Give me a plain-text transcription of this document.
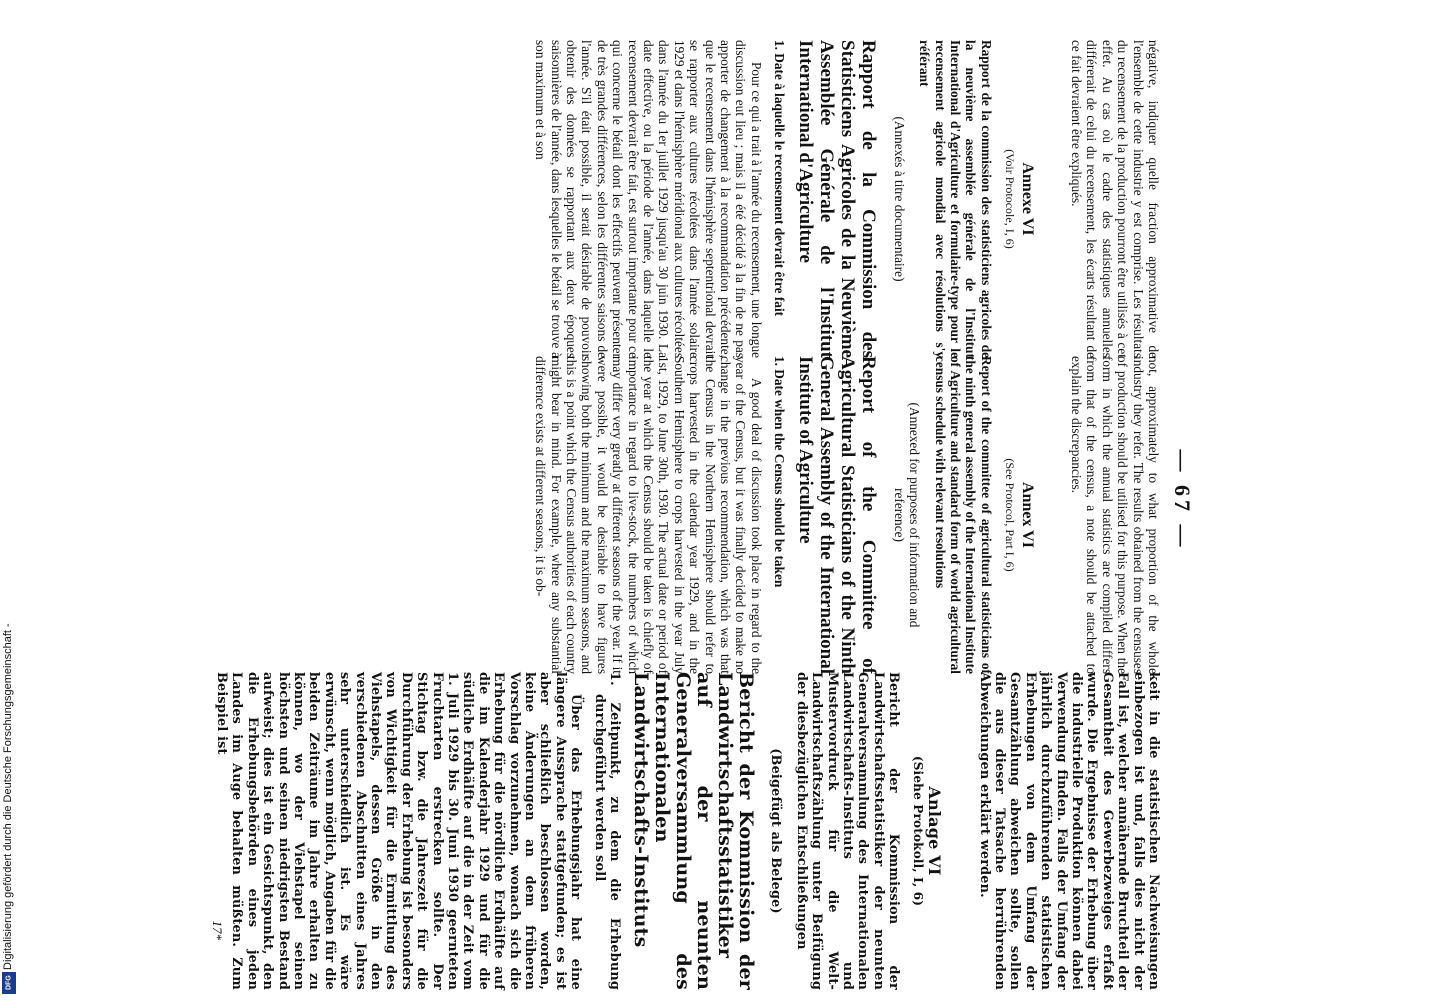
Digitalisierung gefördert durch die Deutsche Forschungsgemeinschaft -
DFG
— 67 —

négative, indiquer quelle fraction approximative de l'ensemble de cette industrie y est comprise. Les résultats du recensement de la production pourront être utilisés à cet effet. Au cas où le cadre des statistiques annuelles différerait de celui du recensement, les écarts résultant de ce fait devraient être expliqués.

Annexe VI
(Voir Protocole, I, 6)
Rapport de la commission des statisticiens agricoles de la neuvième assemblée générale de l'Institut International d'Agriculture et formulaire-type pour le recensement agricole mondial avec résolutions s'y référant
(Annexés à titre documentaire)
Rapport de la Commission des Statisticiens Agricoles de la Neuvième Assemblée Générale de l'Institut International d'Agriculture
1. Date à laquelle le recensement devrait être fait

Pour ce qui a trait à l'année du recensement, une longue discussion eut lieu ; mais il a été décidé à la fin de ne pas apporter de changement à la recommandation précédente, que le recensement dans l'hémisphère septentrional devrait se rapporter aux cultures récoltées dans l'année solaire 1929 et dans l'hémisphère méridional aux cultures récoltées dans l'année du 1er juillet 1929 jusqu'au 30 juin 1930. La date effective, ou la période de l'année, dans laquelle le recensement devrait être fait, est surtout importante pour ce qui concerne le bétail dont les effectifs peuvent présenter de très grandes différences, selon les différentes saisons de l'année. S'il était possible, il serait désirable de pouvoir obtenir des données se rapportant aux deux époques saisonnières de l'année, dans lesquelles le bétail se trouve à son maximum et à son

not, approximately to what proportion of the whole industry they refer. The results obtained from the censuses of production should be utilised for this purpose. When the form in which the annual statistics are compiled differs from that of the census, a note should be attached to explain the discrepancies.

Annex VI
(See Protocol, Part I, 6)
Report of the committee of agricultural statisticians of the ninth general assembly of the International Institute of Agriculture and standard form of world agricultural census schedule with relevant resolutions
(Annexed for purposes of information and reference)
Report of the Committee of Agricultural Statisticians of the Ninth General Assembly of the International Institute of Agriculture
1. Date when the Census should be taken

A good deal of discussion took place in regard to the year of the Census, but it was finally decided to make no change in the previous recommendation, which was that the Census in the Northern Hemisphere should refer to crops harvested in the calendar year 1929, and in the Southern Hemisphere to crops harvested in the year July 1st, 1929, to June 30th, 1930. The actual date or period of the year at which the Census should be taken is chiefly of importance in regard to live-stock, the numbers of which may differ very greatly at different seasons of the year. If it were possible, it would be desirable to have figures showing both the minimum and the maximum seasons, and this is a point which the Census authorities of each country might bear in mind. For example, where any substantial difference exists at different seasons, it is ob-

keit in die statistischen Nachweisungen einbezogen ist und, falls dies nicht der Fall ist, welcher annähernde Bruchteil der Gesamtheit des Gewerbezweiges erfaßt wurde. Die Ergebnisse der Erhebung über die industrielle Produktion können dabei Verwendung finden. Falls der Umfang der jährlich durchzuführenden statistischen Erhebungen von dem Umfang der Gesamtzählung abweichen sollte, sollen die aus dieser Tatsache herrührenden Abweichungen erklärt werden.

Anlage VI
(Siehe Protokoll, I, 6)
Bericht der Kommission der Landwirtschaftsstatistiker der neunten Generalversammlung des Internationalen Landwirtschafts-Instituts und Mustervordruck für die Welt-Landwirtschaftszählung unter Beifügung der diesbezüglichen Entschließungen
(Beigefügt als Belege)
Bericht der Kommission der Landwirtschaftsstatistiker auf der neunten Generalversammlung des Internationalen Landwirtschafts-Instituts
1. Zeitpunkt, zu dem die Erhebung durchgeführt werden soll

Über das Erhebungsjahr hat eine längere Aussprache stattgefunden; es ist aber schließlich beschlossen worden, keine Änderungen an dem früheren Vorschlag vorzunehmen, wonach sich die Erhebung für die nördliche Erdhälfte auf die im Kalenderjahr 1929 und für die südliche Erdhälfte auf die in der Zeit vom 1. Juli 1929 bis 30. Juni 1930 geernteten Fruchtarten erstrecken sollte. Der Stichtag bzw. die Jahreszeit für die Durchführung der Erhebung ist besonders von Wichtigkeit für die Ermittlung des Viehstapels, dessen Größe in den verschiedenen Abschnitten eines Jahres sehr unterschiedlich ist. Es wäre erwünscht, wenn möglich, Angaben für die beiden Zeiträume im Jahre erhalten zu können, wo der Viehstapel seinen höchsten und seinen niedrigsten Bestand aufweist; dies ist ein Gesichtspunkt, den die Erhebungsbehörden eines jeden Landes im Auge behalten müßten. Zum Beispiel ist

17*
